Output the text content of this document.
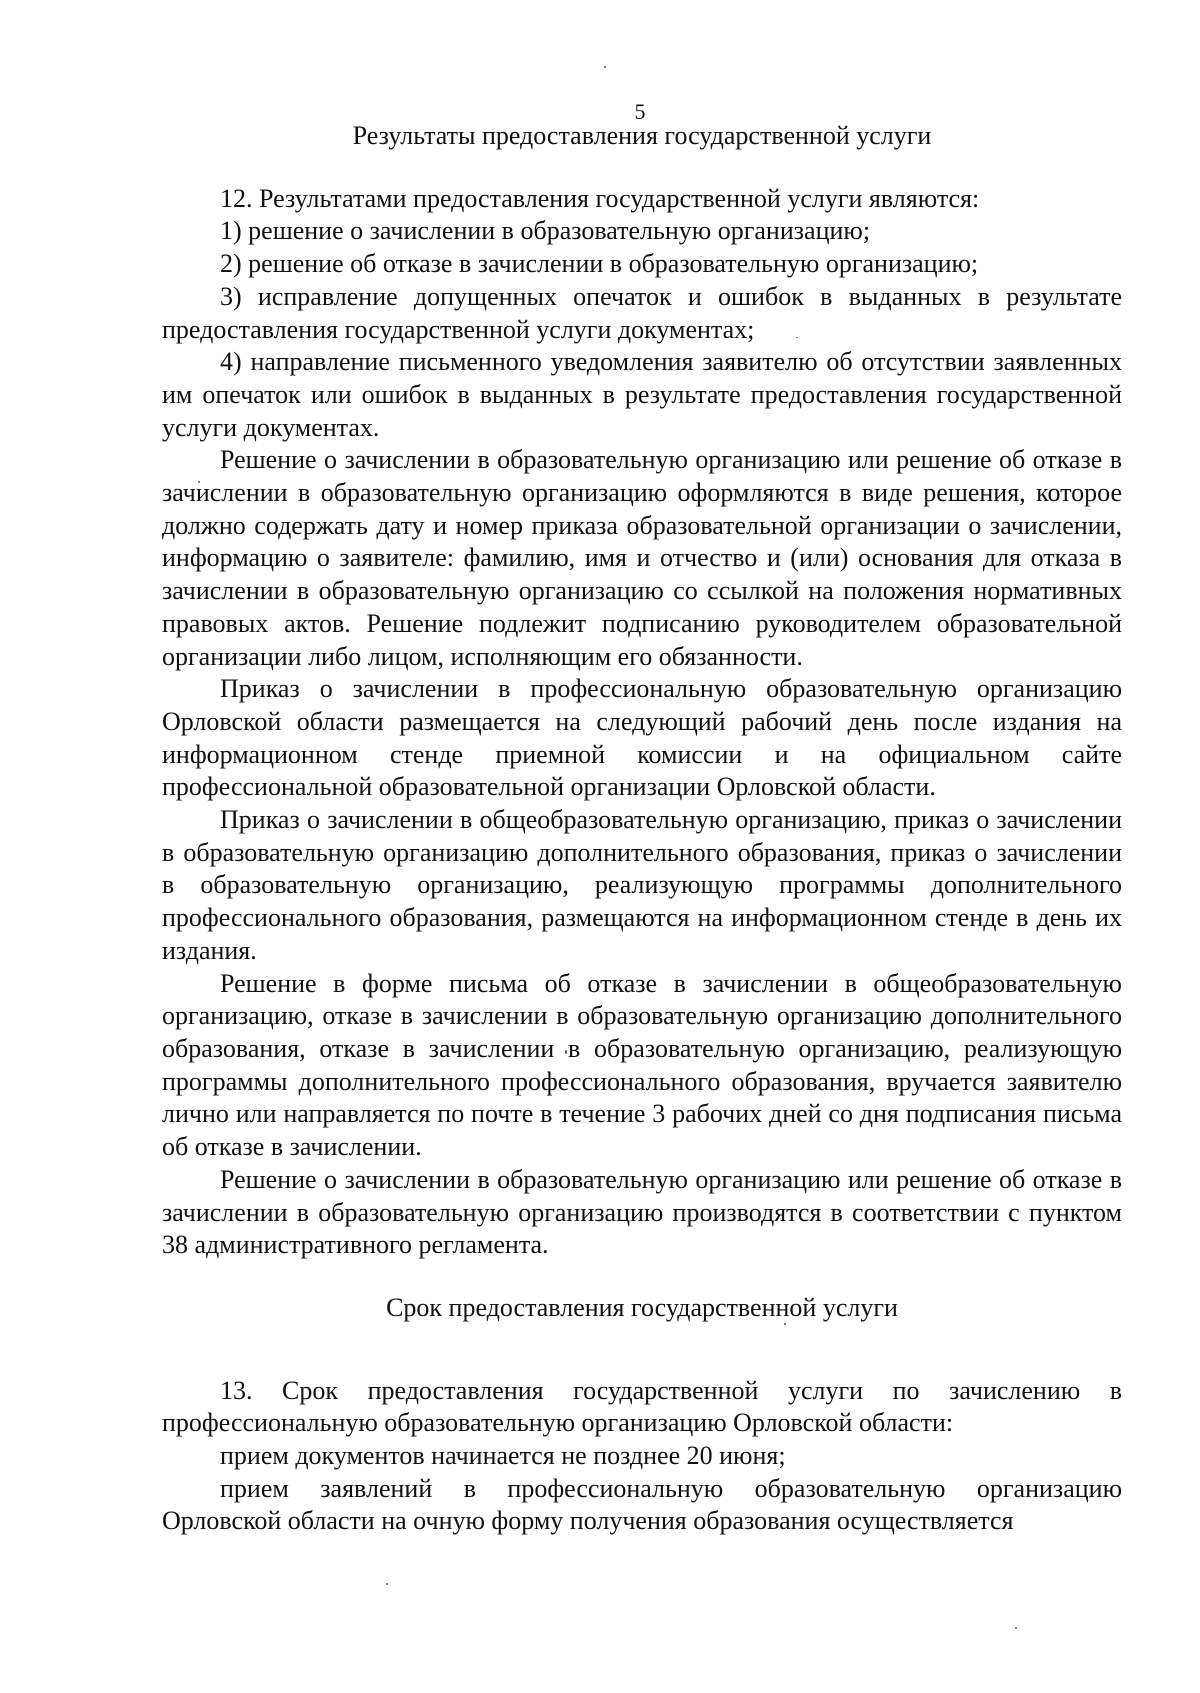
5
Результаты предоставления государственной услуги

12. Результатами предоставления государственной услуги являются:

1) решение о зачислении в образовательную организацию;

2) решение об отказе в зачислении в образовательную организацию;

3) исправление допущенных опечаток и ошибок в выданных в результате предоставления государственной услуги документах;

4) направление письменного уведомления заявителю об отсутствии заявленных им опечаток или ошибок в выданных в результате предоставления государственной услуги документах.

Решение о зачислении в образовательную организацию или решение об отказе в зачислении в образовательную организацию оформляются в виде решения, которое должно содержать дату и номер приказа образовательной организации о зачислении, информацию о заявителе: фамилию, имя и отчество и (или) основания для отказа в зачислении в образовательную организацию со ссылкой на положения нормативных правовых актов. Решение подлежит подписанию руководителем образовательной организации либо лицом, исполняющим его обязанности.

Приказ о зачислении в профессиональную образовательную организацию Орловской области размещается на следующий рабочий день после издания на информационном стенде приемной комиссии и на официальном сайте профессиональной образовательной организации Орловской области.

Приказ о зачислении в общеобразовательную организацию, приказ о зачислении в образовательную организацию дополнительного образования, приказ о зачислении в образовательную организацию, реализующую программы дополнительного профессионального образования, размещаются на информационном стенде в день их издания.

Решение в форме письма об отказе в зачислении в общеобразовательную организацию, отказе в зачислении в образовательную организацию дополнительного образования, отказе в зачислении в образовательную организацию, реализующую программы дополнительного профессионального образования, вручается заявителю лично или направляется по почте в течение 3 рабочих дней со дня подписания письма об отказе в зачислении.

Решение о зачислении в образовательную организацию или решение об отказе в зачислении в образовательную организацию производятся в соответствии с пунктом 38 административного регламента.

Срок предоставления государственной услуги

13. Срок предоставления государственной услуги по зачислению в профессиональную образовательную организацию Орловской области:

прием документов начинается не позднее 20 июня;

прием заявлений в профессиональную образовательную организацию Орловской области на очную форму получения образования осуществляется
